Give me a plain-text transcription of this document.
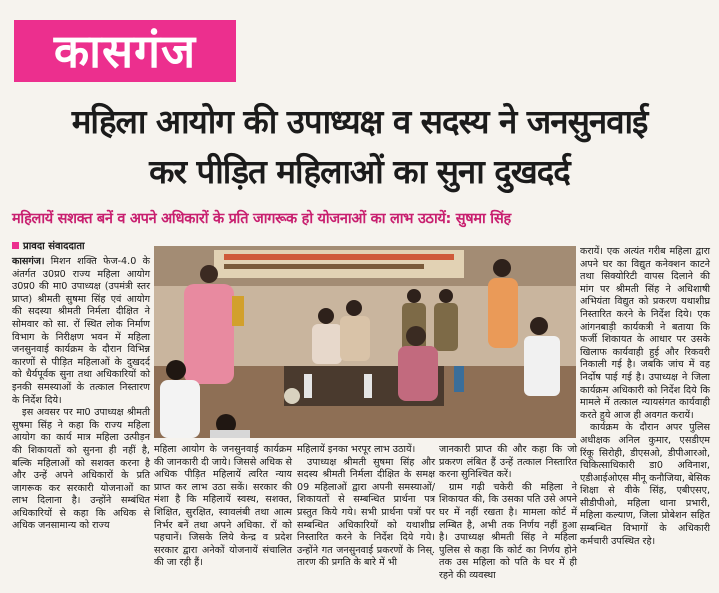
कासगंज
महिला आयोग की उपाध्यक्ष व सदस्य ने जनसुनवाई
कर पीड़ित महिलाओं का सुना दुखदर्द
महिलायें सशक्त बनें व अपने अधिकारों के प्रति जागरूक हो योजनाओं का लाभ उठायें: सुषमा सिंह
प्रावदा संवाददाता

कासगंज। मिशन शक्ति फेज-4.0 के अंतर्गत उ0प्र0 राज्य महिला आयोग उ0प्र0 की मा0 उपाध्यक्ष (उपमंत्री स्तर प्राप्त) श्रीमती सुषमा सिंह एवं आयोग की सदस्या श्रीमती निर्मला दीक्षित ने सोमवार को सा. रों स्थित लोक निर्माण विभाग के निरीक्षण भवन में महिला जनसुनवाई कार्यक्रम के दौरान विभिन्न कारणों से पीड़ित महिलाओं के दुखदर्द को धैर्यपूर्वक सुना तथा अधिकारियों को इनकी समस्याओं के तत्काल निस्तारण के निर्देश दिये।

इस अवसर पर मा0 उपाध्यक्ष श्रीमती सुषमा सिंह ने कहा कि राज्य महिला आयोग का कार्य मात्र महिला उत्पीड़न की शिकायतों को सुनना ही नहीं है, बल्कि महिलाओं को सशक्त करना है और उन्हें अपने अधिकारों के प्रति जागरूक कर सरकारी योजनाओं का लाभ दिलाना है। उन्होंने सम्बंधित अधिकारियों से कहा कि अधिक से अधिक जनसामान्य को राज्य

महिला आयोग के जनसुनवाई कार्यक्रम की जानकारी दी जाये। जिससे अधिक से अधिक पीड़ित महिलायें त्वरित न्याय प्राप्त कर लाभ उठा सकें। सरकार की मंशा है कि महिलायें स्वस्थ, सशक्त, शिक्षित, सुरक्षित, स्वावलंबी तथा आत्म निर्भर बनें तथा अपने अधिका. रों को पहचानें। जिसके लिये केन्द्र व प्रदेश सरकार द्वारा अनेकों योजनायें संचालित की जा रही हैं।

महिलायें इनका भरपूर लाभ उठायें।

उपाध्यक्ष श्रीमती सुषमा सिंह और सदस्य श्रीमती निर्मला दीक्षित के समक्ष 09 महिलाओं द्वारा अपनी समस्याओं/शिकायतों से सम्बन्धित प्रार्थना पत्र प्रस्तुत किये गये। सभी प्रार्थना पत्रों पर सम्बन्धित अधिकारियों को यथाशीघ्र निस्तारित करने के निर्देश दिये गये। उन्होंने गत जनसुनवाई प्रकरणों के निस्. तारण की प्रगति के बारे में भी

जानकारी प्राप्त की और कहा कि जो प्रकरण लंबित हैं उन्हें तत्काल निस्तारित करना सुनिश्चित करें।

ग्राम गढ़ी चकेरी की महिला ने शिकायत की, कि उसका पति उसे अपने घर में नहीं रखता है। मामला कोर्ट में लम्बित है, अभी तक निर्णय नहीं हुआ है। उपाध्यक्ष श्रीमती सिंह ने महिला पुलिस से कहा कि कोर्ट का निर्णय होने तक उस महिला को पति के घर में ही रहने की व्यवस्था

करायें। एक अत्यंत गरीब महिला द्वारा अपने घर का विद्युत कनेक्शन काटने तथा सिक्योरिटी वापस दिलाने की मांग पर श्रीमती सिंह ने अधिशाषी अभियंता विद्युत को प्रकरण यथाशीघ्र निस्तारित करने के निर्देश दिये। एक आंगनबाड़ी कार्यकत्री ने बताया कि फर्जी शिकायत के आधार पर उसके खिलाफ कार्यवाही हुई और रिकवरी निकाली गई है। जबकि जांच में वह निर्दोष पाई गई है। उपाध्यक्ष ने जिला कार्यक्रम अधिकारी को निर्देश दिये कि मामले में तत्काल न्यायसंगत कार्यवाही करते हुये आज ही अवगत करायें।

कार्यक्रम के दौरान अपर पुलिस अधीक्षक अनिल कुमार, एसडीएम रिंकू सिरोही, डीएसओ, डीपीआरओ, चिकित्साधिकारी डा0 अविनाश, एडीआईओएस मीनू कनौजिया, बेसिक शिक्षा से वीके सिंह, एबीएसए, सीडीपीओ, महिला थाना प्रभारी, महिला कल्याण, जिला प्रोबेशन सहित सम्बन्धित विभागों के अधिकारी कर्मचारी उपस्थित रहे।
